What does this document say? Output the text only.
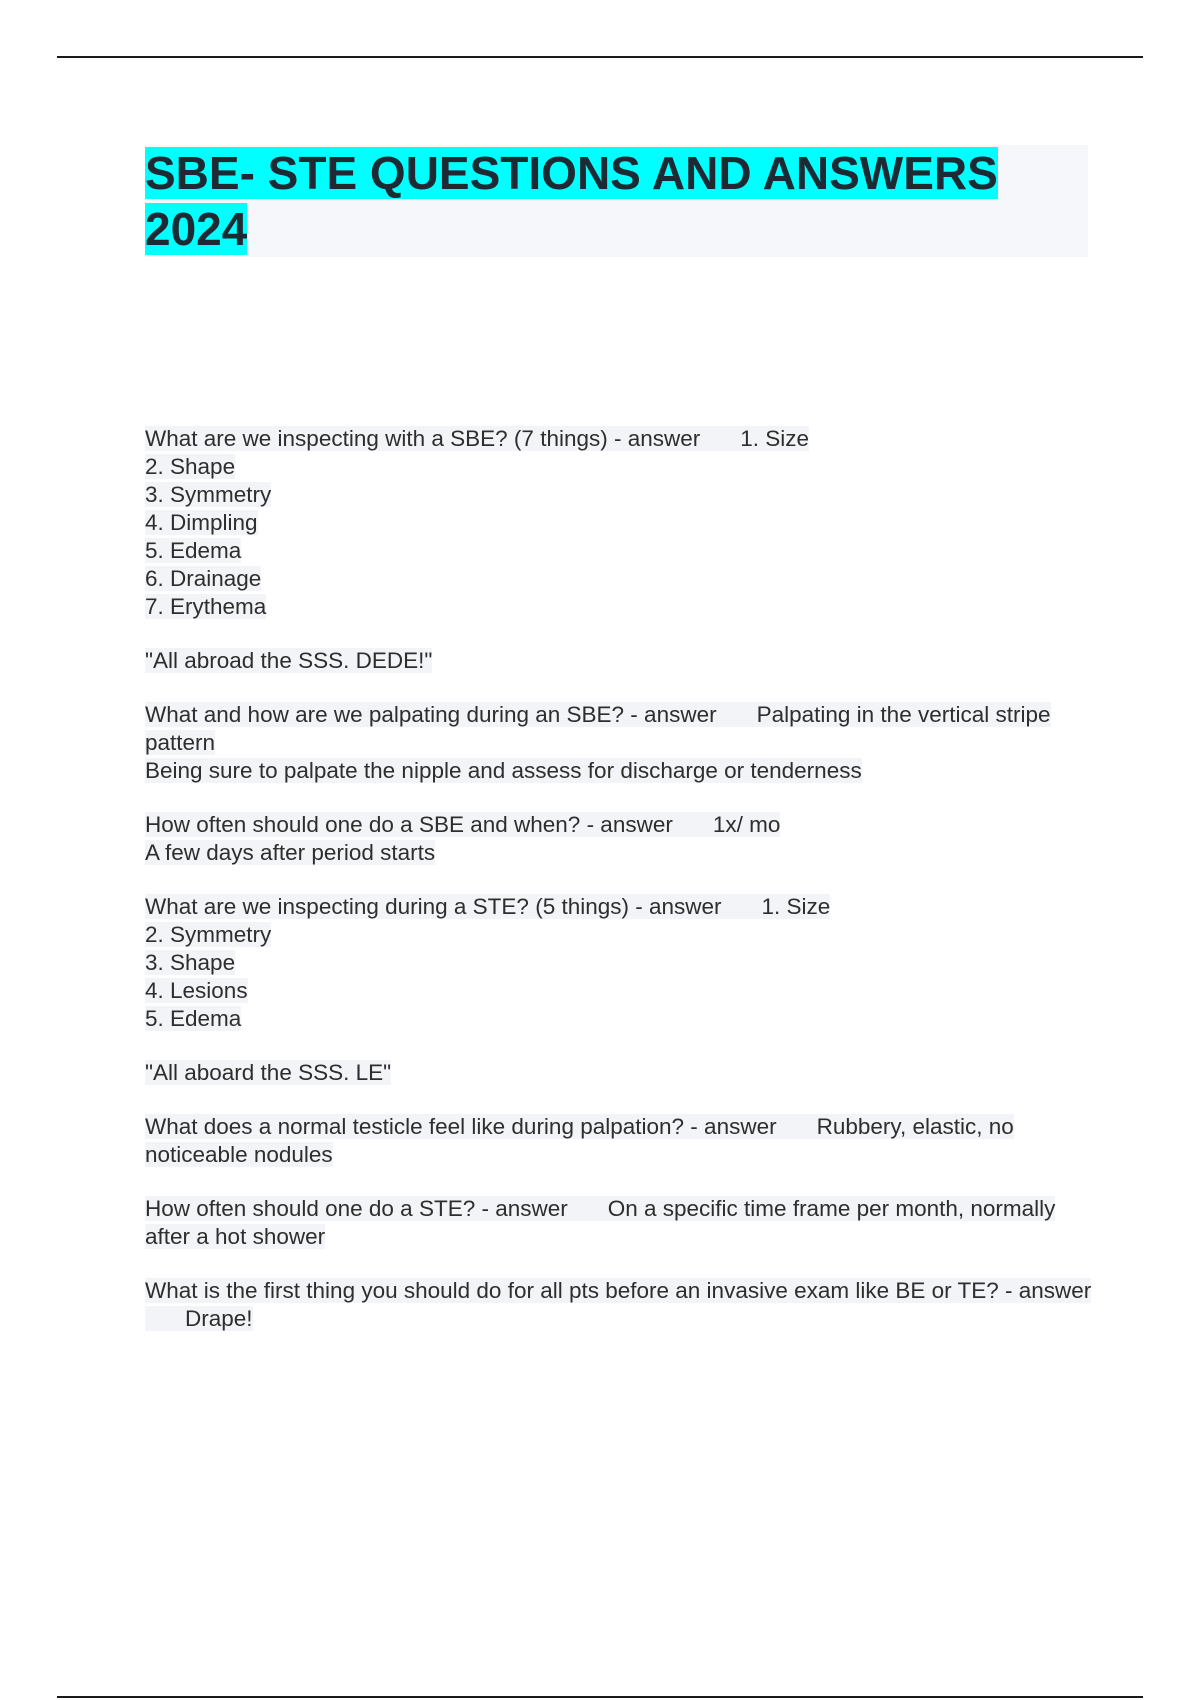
SBE- STE QUESTIONS AND ANSWERS 2024

What are we inspecting with a SBE? (7 things) - answer 1. Size
2. Shape
3. Symmetry
4. Dimpling
5. Edema
6. Drainage
7. Erythema

"All abroad the SSS. DEDE!"

What and how are we palpating during an SBE? - answer Palpating in the vertical stripe pattern
Being sure to palpate the nipple and assess for discharge or tenderness

How often should one do a SBE and when? - answer 1x/ mo
A few days after period starts

What are we inspecting during a STE? (5 things) - answer 1. Size
2. Symmetry
3. Shape
4. Lesions
5. Edema

"All aboard the SSS. LE"

What does a normal testicle feel like during palpation? - answer Rubbery, elastic, no noticeable nodules

How often should one do a STE? - answer On a specific time frame per month, normally after a hot shower

What is the first thing you should do for all pts before an invasive exam like BE or TE? - answerDrape!
